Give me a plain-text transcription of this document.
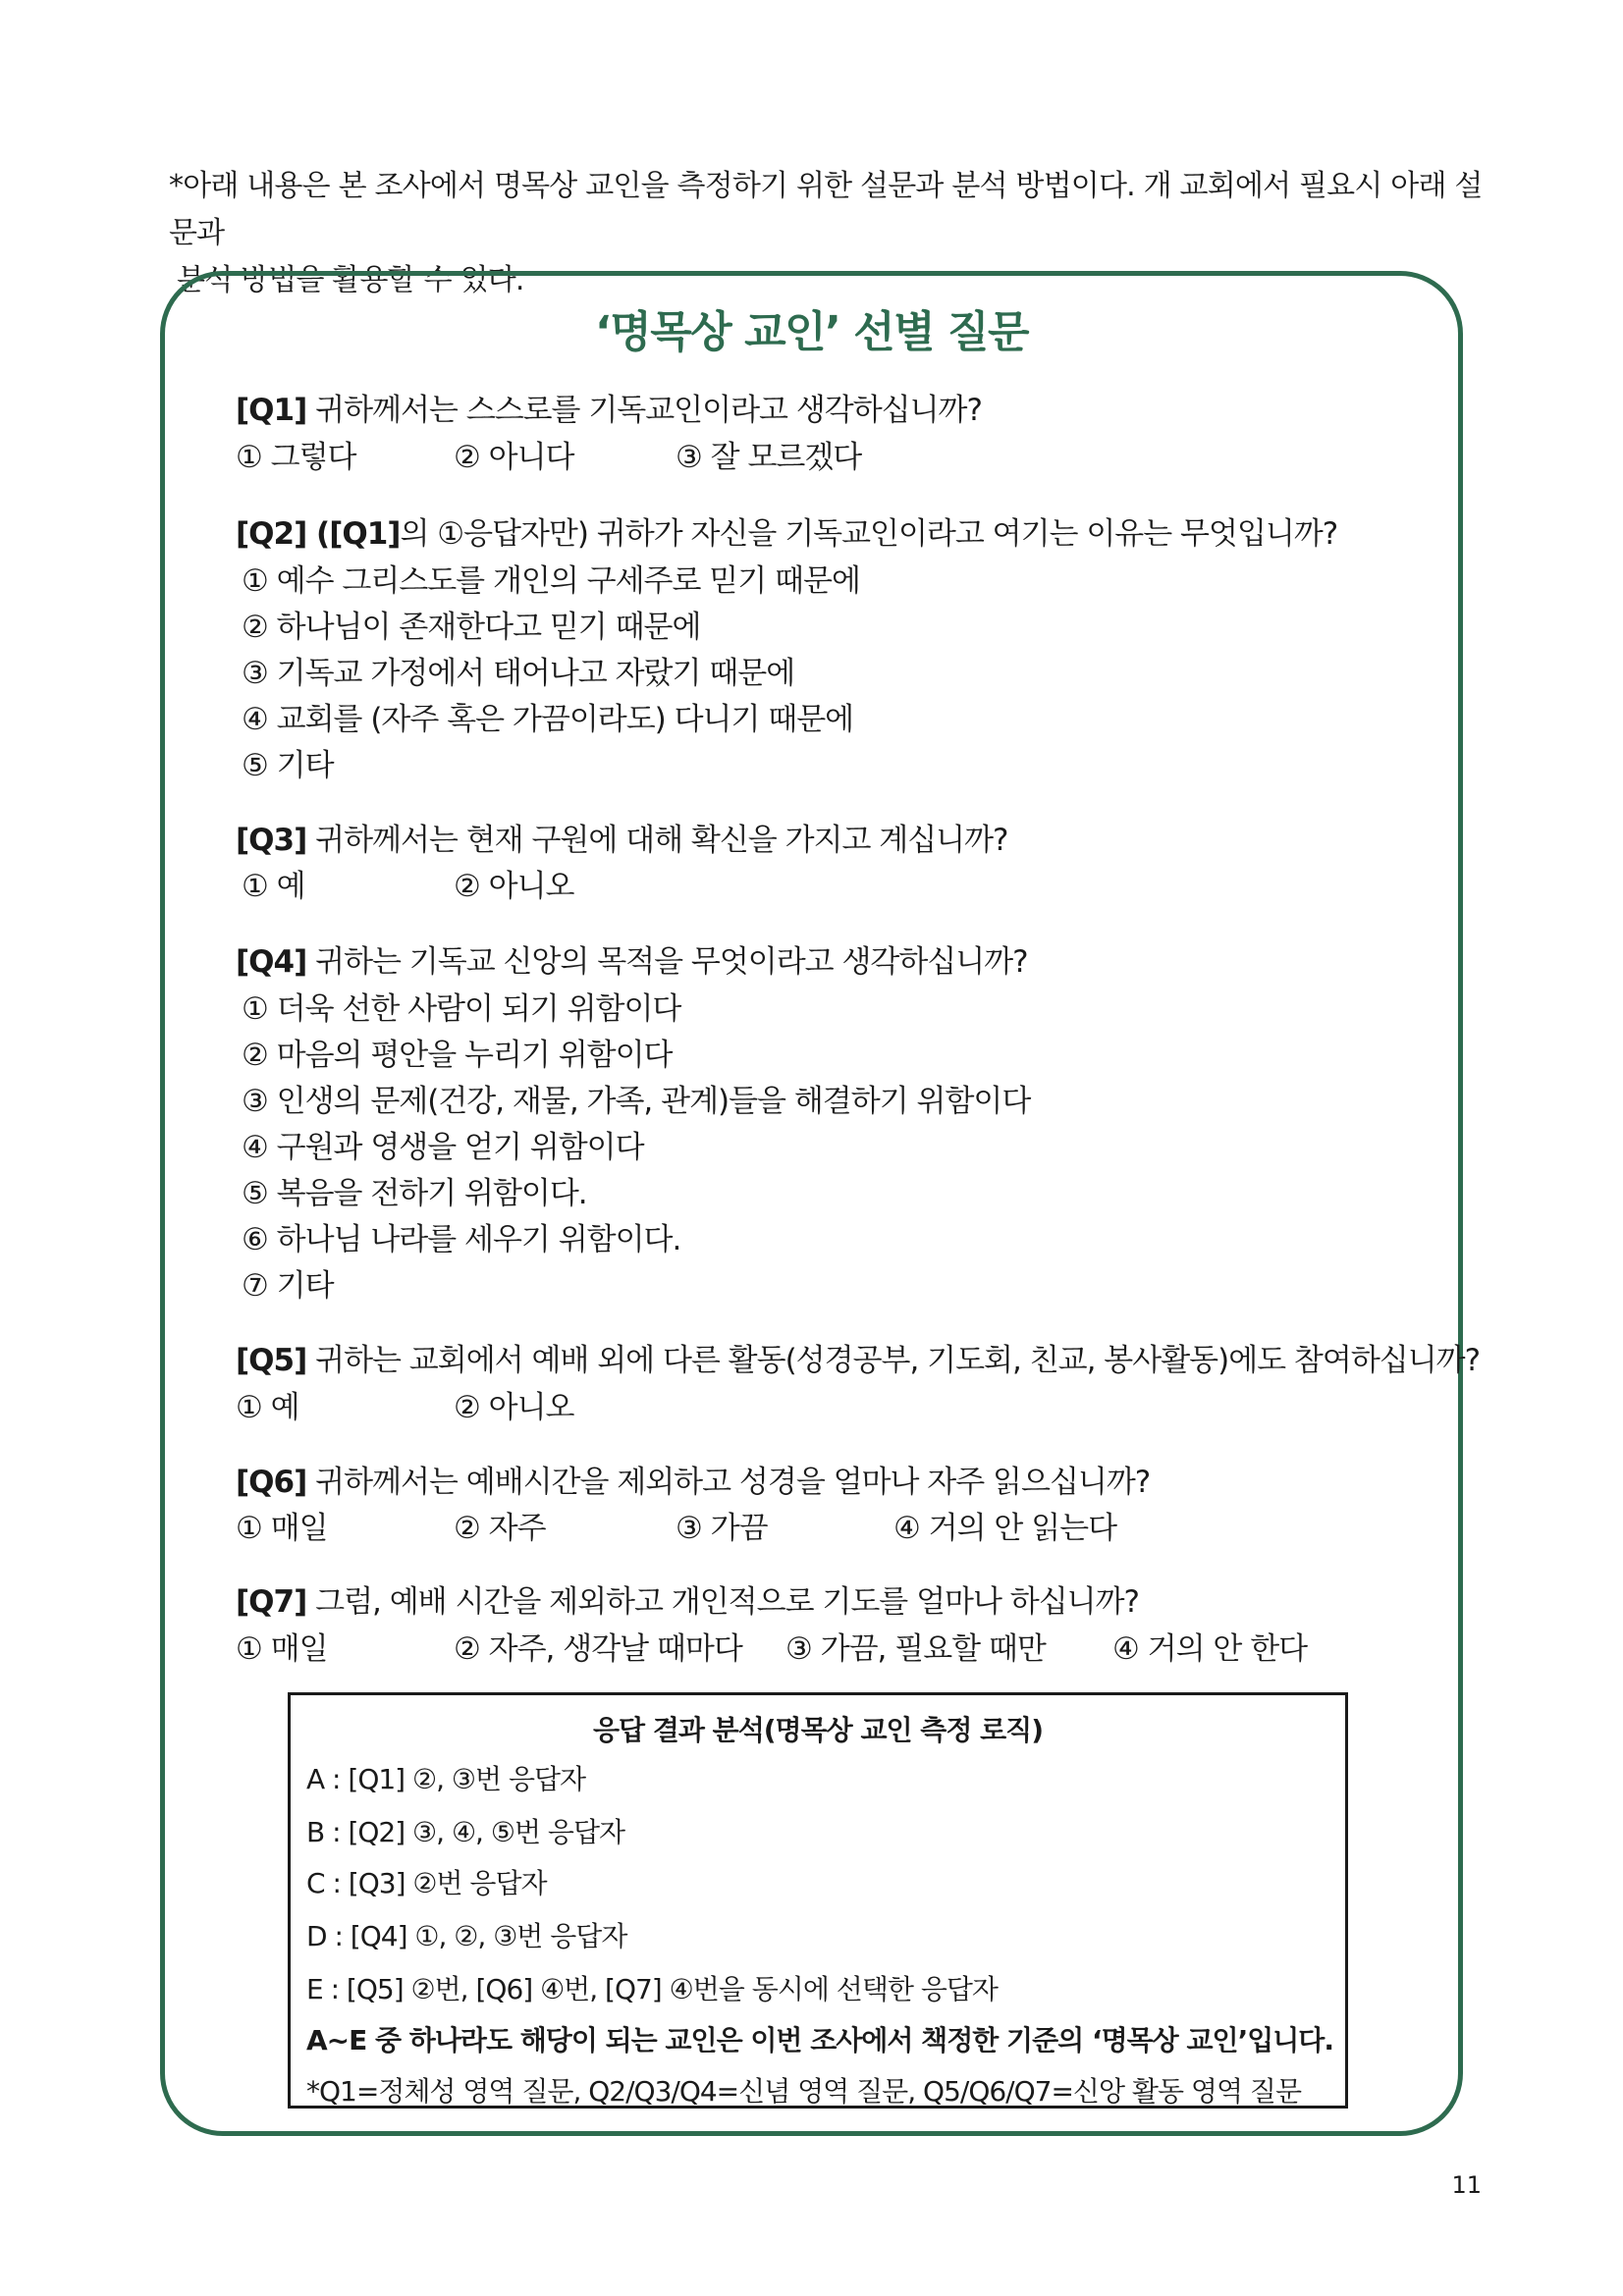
*아래 내용은 본 조사에서 명목상 교인을 측정하기 위한 설문과 분석 방법이다. 개 교회에서 필요시 아래 설문과
분석 방법을 활용할 수 있다.
‘명목상 교인’ 선별 질문
[Q1] 귀하께서는 스스로를 기독교인이라고 생각하십니까?
① 그렇다	② 아니다	③ 잘 모르겠다
[Q2] ([Q1]의 ①응답자만) 귀하가 자신을 기독교인이라고 여기는 이유는 무엇입니까?
① 예수 그리스도를 개인의 구세주로 믿기 때문에
② 하나님이 존재한다고 믿기 때문에
③ 기독교 가정에서 태어나고 자랐기 때문에
④ 교회를 (자주 혹은 가끔이라도) 다니기 때문에
⑤ 기타
[Q3] 귀하께서는 현재 구원에 대해 확신을 가지고 계십니까?
① 예	② 아니오
[Q4] 귀하는 기독교 신앙의 목적을 무엇이라고 생각하십니까?
① 더욱 선한 사람이 되기 위함이다
② 마음의 평안을 누리기 위함이다
③ 인생의 문제(건강, 재물, 가족, 관계)들을 해결하기 위함이다
④ 구원과 영생을 얻기 위함이다
⑤ 복음을 전하기 위함이다.
⑥ 하나님 나라를 세우기 위함이다.
⑦ 기타
[Q5] 귀하는 교회에서 예배 외에 다른 활동(성경공부, 기도회, 친교, 봉사활동)에도 참여하십니까?
① 예	② 아니오
[Q6] 귀하께서는 예배시간을 제외하고 성경을 얼마나 자주 읽으십니까?
① 매일	② 자주	③ 가끔	④ 거의 안 읽는다
[Q7] 그럼, 예배 시간을 제외하고 개인적으로 기도를 얼마나 하십니까?
① 매일	② 자주, 생각날 때마다 ③ 가끔, 필요할 때만 ④ 거의 안 한다
응답 결과 분석(명목상 교인 측정 로직)
A : [Q1] ②, ③번 응답자
B : [Q2] ③, ④, ⑤번 응답자
C : [Q3] ②번 응답자
D : [Q4] ①, ②, ③번 응답자
E : [Q5] ②번, [Q6] ④번, [Q7] ④번을 동시에 선택한 응답자
A~E 중 하나라도 해당이 되는 교인은 이번 조사에서 책정한 기준의 ‘명목상 교인’입니다.
*Q1=정체성 영역 질문, Q2/Q3/Q4=신념 영역 질문, Q5/Q6/Q7=신앙 활동 영역 질문
11
